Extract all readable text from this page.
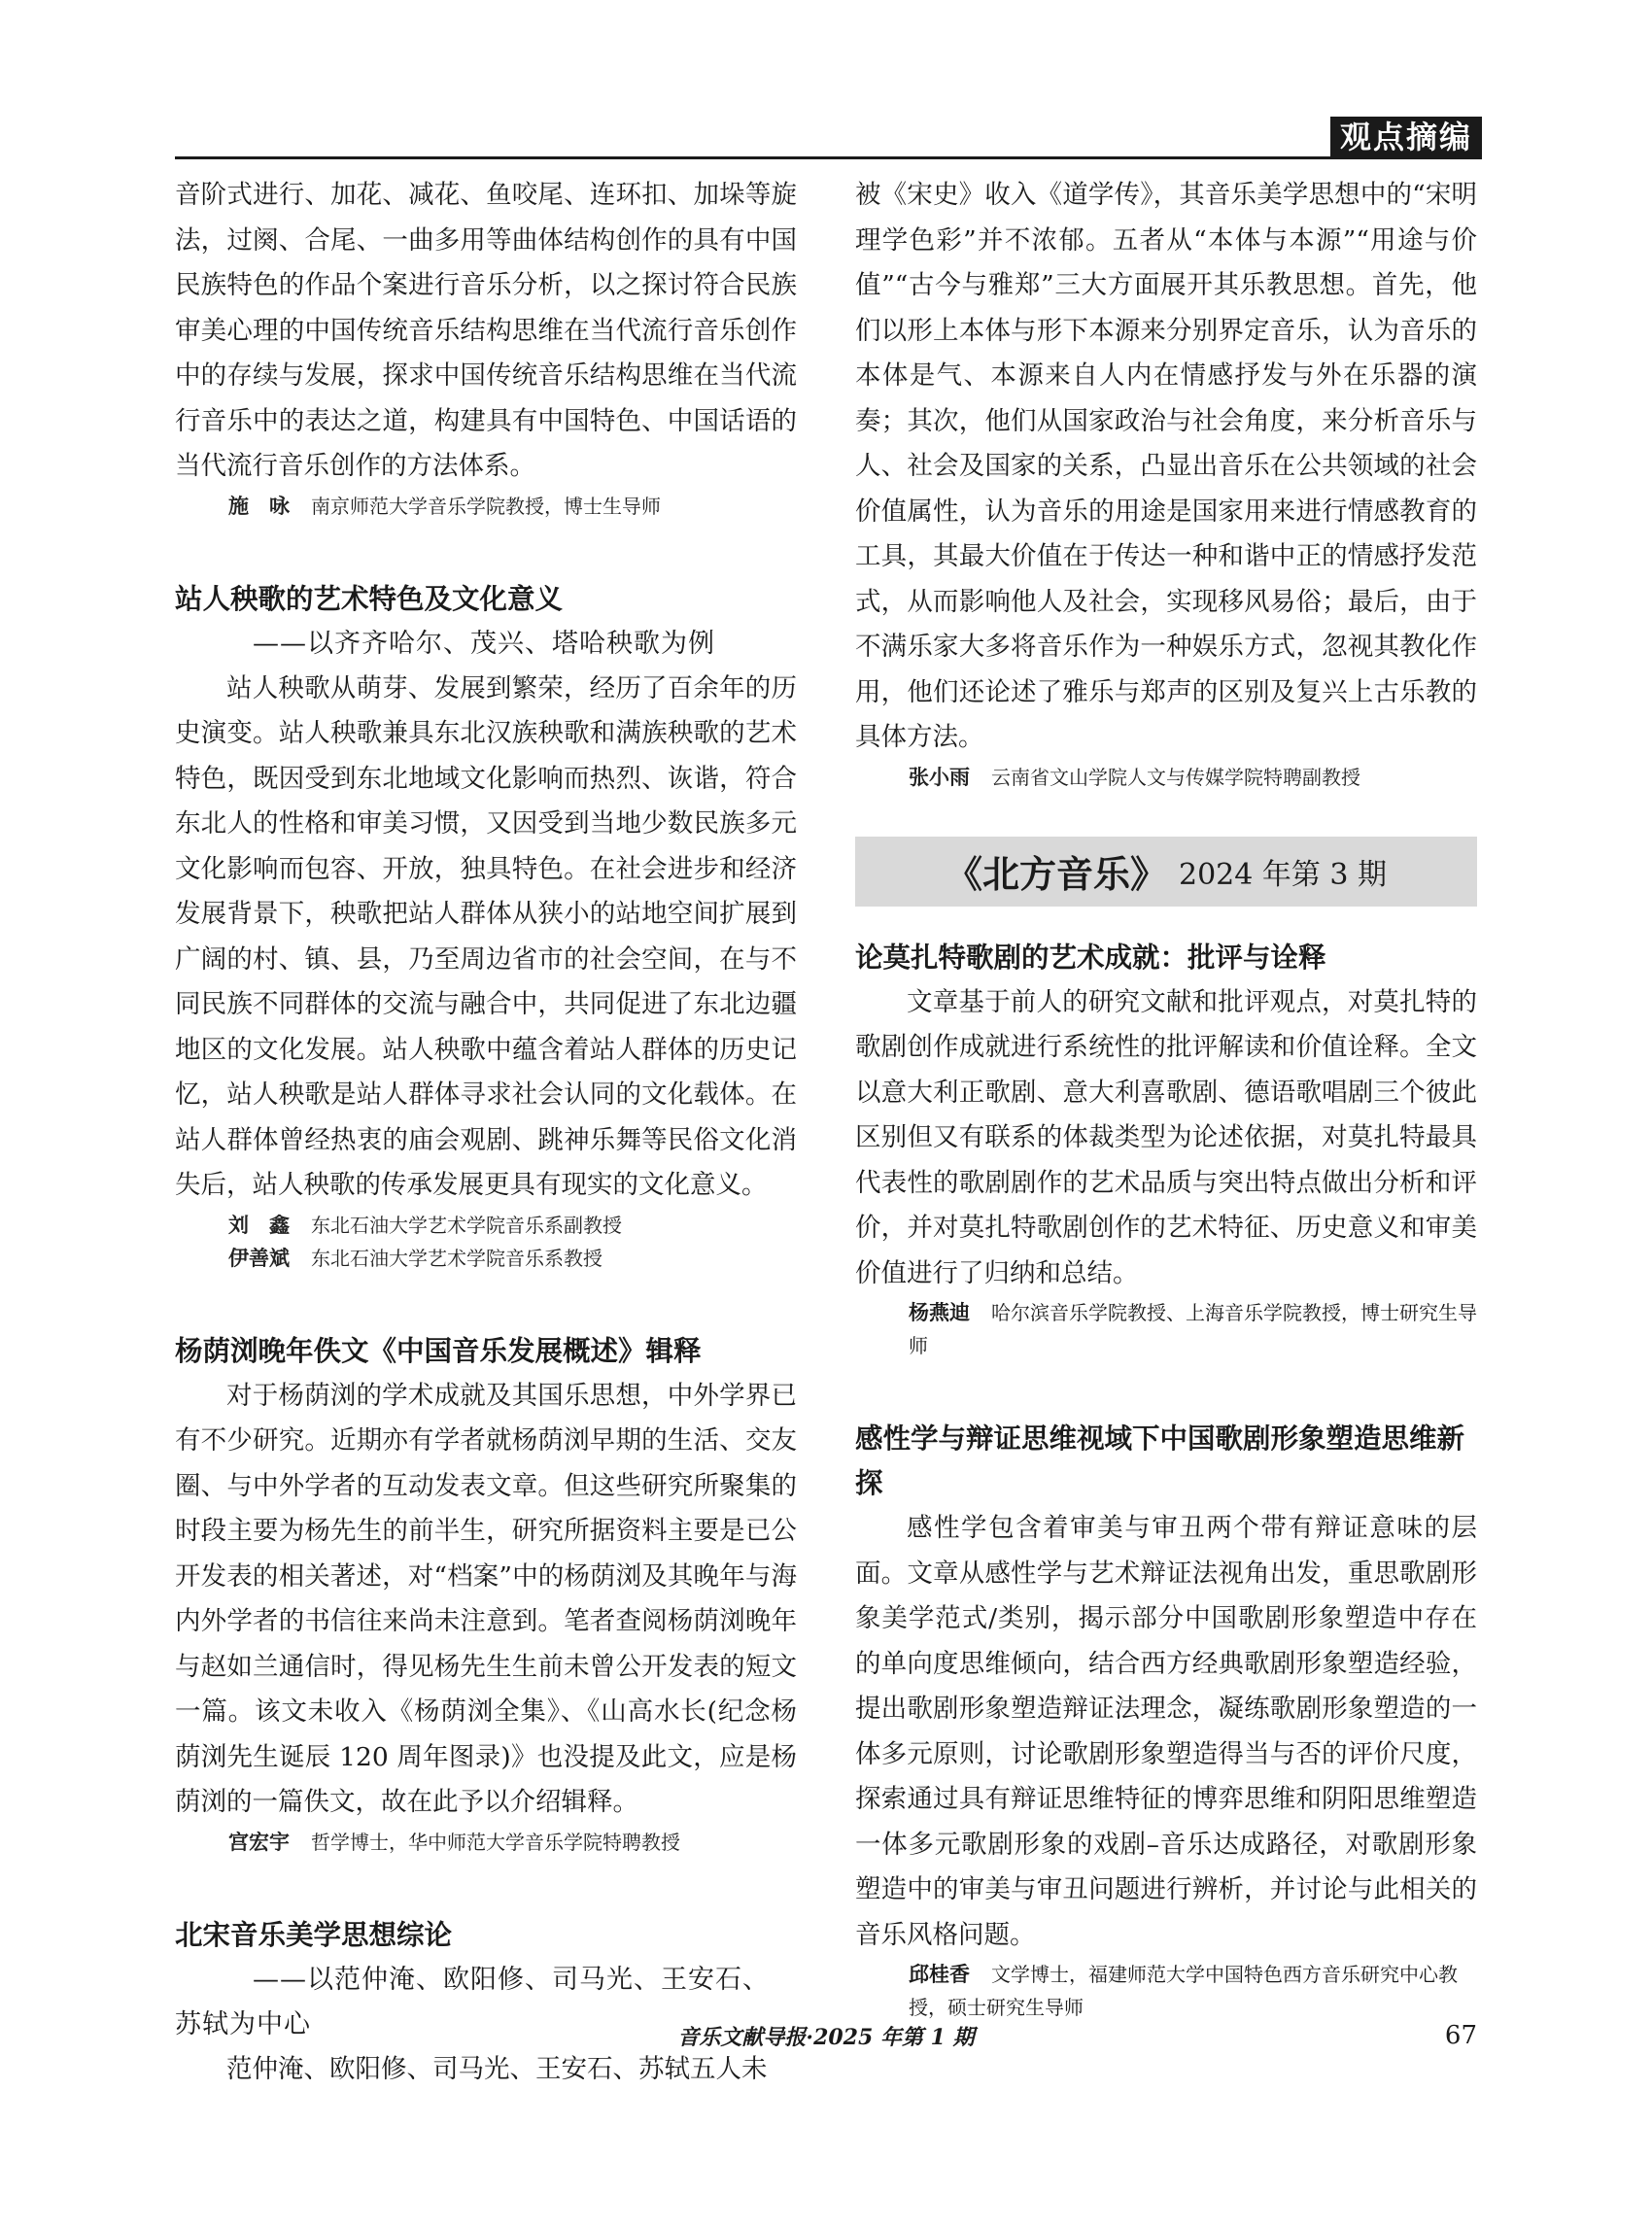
观点摘编

音阶式进行、加花、减花、鱼咬尾、连环扣、加垛等旋法，过阕、合尾、一曲多用等曲体结构创作的具有中国民族特色的作品个案进行音乐分析，以之探讨符合民族审美心理的中国传统音乐结构思维在当代流行音乐创作中的存续与发展，探求中国传统音乐结构思维在当代流行音乐中的表达之道，构建具有中国特色、中国话语的当代流行音乐创作的方法体系。

施　咏 南京师范大学音乐学院教授，博士生导师

站人秧歌的艺术特色及文化意义

——以齐齐哈尔、茂兴、塔哈秧歌为例

站人秧歌从萌芽、发展到繁荣，经历了百余年的历史演变。站人秧歌兼具东北汉族秧歌和满族秧歌的艺术特色，既因受到东北地域文化影响而热烈、诙谐，符合东北人的性格和审美习惯，又因受到当地少数民族多元文化影响而包容、开放，独具特色。在社会进步和经济发展背景下，秧歌把站人群体从狭小的站地空间扩展到广阔的村、镇、县，乃至周边省市的社会空间，在与不同民族不同群体的交流与融合中，共同促进了东北边疆地区的文化发展。站人秧歌中蕴含着站人群体的历史记忆，站人秧歌是站人群体寻求社会认同的文化载体。在站人群体曾经热衷的庙会观剧、跳神乐舞等民俗文化消失后，站人秧歌的传承发展更具有现实的文化意义。

刘　鑫 东北石油大学艺术学院音乐系副教授

伊善斌 东北石油大学艺术学院音乐系教授

杨荫浏晚年佚文《中国音乐发展概述》辑释

对于杨荫浏的学术成就及其国乐思想，中外学界已有不少研究。近期亦有学者就杨荫浏早期的生活、交友圈、与中外学者的互动发表文章。但这些研究所聚集的时段主要为杨先生的前半生，研究所据资料主要是已公开发表的相关著述，对“档案”中的杨荫浏及其晚年与海内外学者的书信往来尚未注意到。笔者查阅杨荫浏晚年与赵如兰通信时，得见杨先生生前未曾公开发表的短文一篇。该文未收入《杨荫浏全集》、《山高水长(纪念杨荫浏先生诞辰 120 周年图录)》也没提及此文，应是杨荫浏的一篇佚文，故在此予以介绍辑释。

宫宏宇 哲学博士，华中师范大学音乐学院特聘教授

北宋音乐美学思想综论

——以范仲淹、欧阳修、司马光、王安石、

苏轼为中心

范仲淹、欧阳修、司马光、王安石、苏轼五人未

被《宋史》收入《道学传》，其音乐美学思想中的“宋明理学色彩”并不浓郁。五者从“本体与本源”“用途与价值”“古今与雅郑”三大方面展开其乐教思想。首先，他们以形上本体与形下本源来分别界定音乐，认为音乐的本体是气、本源来自人内在情感抒发与外在乐器的演奏；其次，他们从国家政治与社会角度，来分析音乐与人、社会及国家的关系，凸显出音乐在公共领域的社会价值属性，认为音乐的用途是国家用来进行情感教育的工具，其最大价值在于传达一种和谐中正的情感抒发范式，从而影响他人及社会，实现移风易俗；最后，由于不满乐家大多将音乐作为一种娱乐方式，忽视其教化作用，他们还论述了雅乐与郑声的区别及复兴上古乐教的具体方法。

张小雨 云南省文山学院人文与传媒学院特聘副教授

《北方音乐》 2024 年第 3 期
论莫扎特歌剧的艺术成就：批评与诠释

文章基于前人的研究文献和批评观点，对莫扎特的歌剧创作成就进行系统性的批评解读和价值诠释。全文以意大利正歌剧、意大利喜歌剧、德语歌唱剧三个彼此区别但又有联系的体裁类型为论述依据，对莫扎特最具代表性的歌剧剧作的艺术品质与突出特点做出分析和评价，并对莫扎特歌剧创作的艺术特征、历史意义和审美价值进行了归纳和总结。

杨燕迪 哈尔滨音乐学院教授、上海音乐学院教授，博士研究生导师

感性学与辩证思维视域下中国歌剧形象塑造思维新探

感性学包含着审美与审丑两个带有辩证意味的层面。文章从感性学与艺术辩证法视角出发，重思歌剧形象美学范式/类别，揭示部分中国歌剧形象塑造中存在的单向度思维倾向，结合西方经典歌剧形象塑造经验，提出歌剧形象塑造辩证法理念，凝练歌剧形象塑造的一体多元原则，讨论歌剧形象塑造得当与否的评价尺度，探索通过具有辩证思维特征的博弈思维和阴阳思维塑造一体多元歌剧形象的戏剧–音乐达成路径，对歌剧形象塑造中的审美与审丑问题进行辨析，并讨论与此相关的音乐风格问题。

邱桂香 文学博士，福建师范大学中国特色西方音乐研究中心教授，硕士研究生导师

音乐文献导报·2025 年第 1 期	67
